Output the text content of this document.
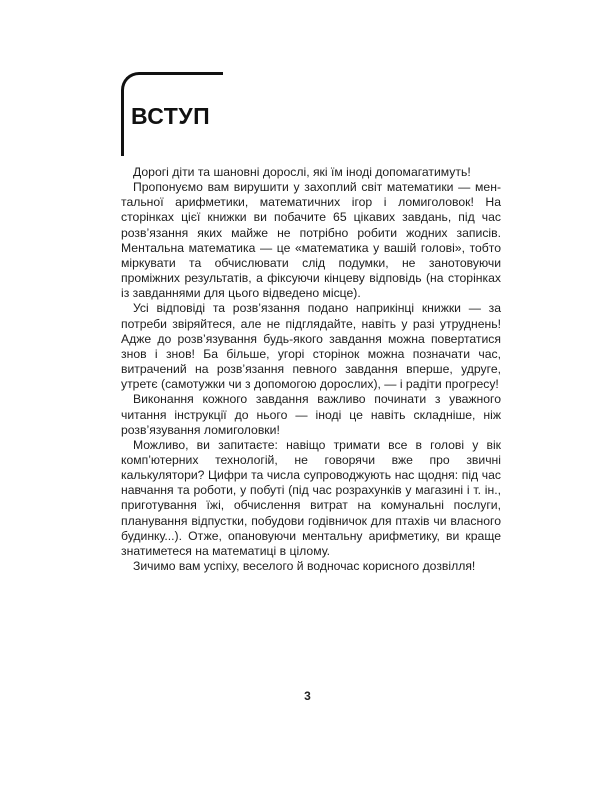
ВСТУП

Дорогі діти та шановні дорослі, які їм іноді допомагатимуть!

Пропонуємо вам вирушити у захоплий світ математики — ментальної арифметики, математичних ігор і ломиголовок! На сторінках цієї книжки ви побачите 65 цікавих завдань, під час розв’язання яких майже не потрібно робити жодних записів. Ментальна математика — це «математика у вашій голові», тобто міркувати та обчислювати слід подумки, не занотовуючи проміжних результатів, а фіксуючи кінцеву відповідь (на сторінках із завданнями для цього відведено місце).

Усі відповіді та розв’язання подано наприкінці книжки — за потреби звіряйтеся, але не підглядайте, навіть у разі утруднень! Адже до розв’язування будь-якого завдання можна повертатися знов і знов! Ба більше, угорі сторінок можна позначати час, витрачений на розв’язання певного завдання вперше, удруге, утретє (самотужки чи з допомогою дорослих), — і радіти прогресу!

Виконання кожного завдання важливо починати з уважного читання інструкції до нього — іноді це навіть складніше, ніж розв’язування ломиголовки!

Можливо, ви запитаєте: навіщо тримати все в голові у вік комп’ютерних технологій, не говорячи вже про звичні калькулятори? Цифри та числа супроводжують нас щодня: під час навчання та роботи, у побуті (під час розрахунків у магазині і т. ін., приготування їжі, обчислення витрат на комунальні послуги, планування відпустки, побудови годівничок для птахів чи власного будинку...). Отже, опановуючи ментальну арифметику, ви краще знатиметеся на математиці в цілому.

Зичимо вам успіху, веселого й водночас корисного дозвілля!

3
